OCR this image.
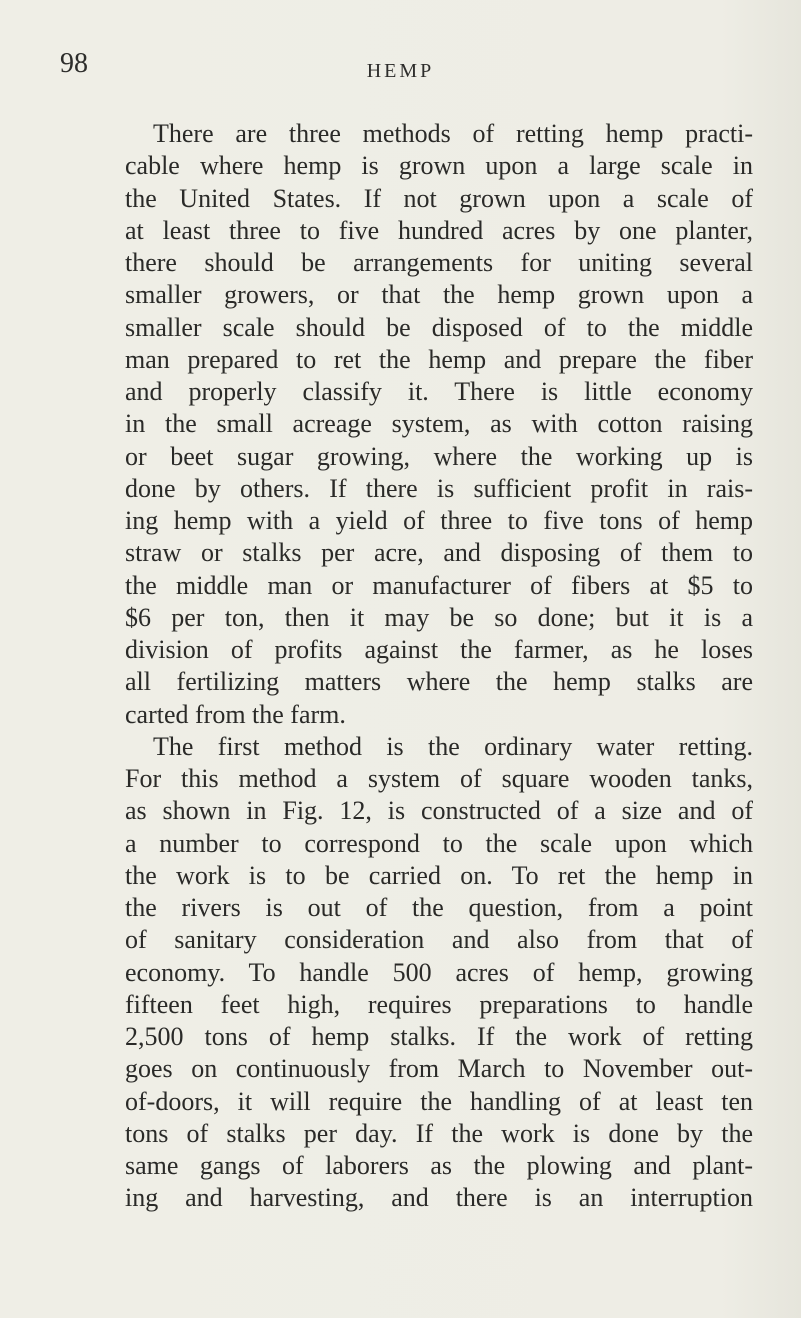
98	HEMP
There are three methods of retting hemp practi-
cable where hemp is grown upon a large scale in
the United States. If not grown upon a scale of
at least three to five hundred acres by one planter,
there should be arrangements for uniting several
smaller growers, or that the hemp grown upon a
smaller scale should be disposed of to the middle
man prepared to ret the hemp and prepare the fiber
and properly classify it. There is little economy
in the small acreage system, as with cotton raising
or beet sugar growing, where the working up is
done by others. If there is sufficient profit in rais-
ing hemp with a yield of three to five tons of hemp
straw or stalks per acre, and disposing of them to
the middle man or manufacturer of fibers at $5 to
$6 per ton, then it may be so done; but it is a
division of profits against the farmer, as he loses
all fertilizing matters where the hemp stalks are
carted from the farm.
The first method is the ordinary water retting.
For this method a system of square wooden tanks,
as shown in Fig. 12, is constructed of a size and of
a number to correspond to the scale upon which
the work is to be carried on. To ret the hemp in
the rivers is out of the question, from a point
of sanitary consideration and also from that of
economy. To handle 500 acres of hemp, growing
fifteen feet high, requires preparations to handle
2,500 tons of hemp stalks. If the work of retting
goes on continuously from March to November out-
of-doors, it will require the handling of at least ten
tons of stalks per day. If the work is done by the
same gangs of laborers as the plowing and plant-
ing and harvesting, and there is an interruption
